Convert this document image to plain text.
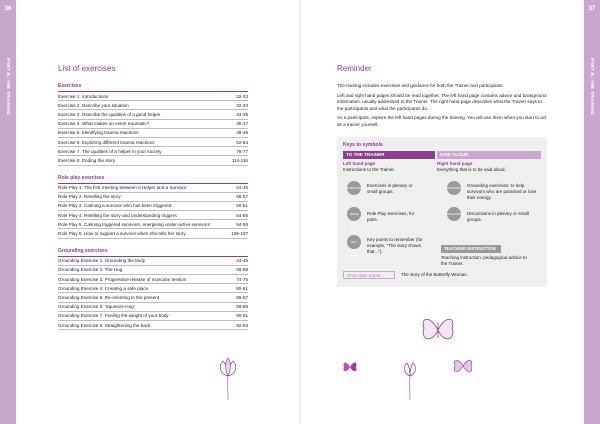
36
PART B: THE TRAINING
37
PART B: THE TRAINING
List of exercises
Exercises
Exercise 1. Introductions	32-33
Exercise 2. Describe your situation	32-33
Exercise 3. Describe the qualities of a good helper	34-35
Exercise 4. What makes an event traumatic?	36-37
Exercise 5. Identifying trauma reactions	48-49
Exercise 6. Exploring different trauma reactions	52-53
Exercise 7. The qualities of a helper in your society	76-77
Exercise 8. Ending the story	114-115
Role play exercises
Role Play 1. The first meeting between a Helper and a Survivor	34-35
Role Play 2. Retelling the story	56-57
Role Play 3. Calming a survivor who has been triggered	50-51
Role Play 4. Retelling the story and understanding triggers	54-55
Role Play 5. Calming triggered survivors, energising under-active survivors	94-95
Role Play 6. How to support a survivor when she tells her story	106-107
Grounding exercises
Grounding Exercise 1. Grounding the body	44-45
Grounding Exercise 2. The Hug	58-59
Grounding Exercise 3. Progressive release of muscular tension	74-75
Grounding Exercise 4. Creating a safe place	80-81
Grounding Exercise 5. Re-orienting to the present	86-87
Grounding Exercise 6. 'Squeeze-Hug'	88-89
Grounding Exercise 7. Feeling the weight of your body	90-91
Grounding Exercise 8. Straightening the back	92-93
Reminder
The training includes exercises and guidance for both the Trainer and participants.
Left and right hand pages should be read together. The left hand page contains advice and background information, usually addressed to the Trainer. The right hand page describes what the Trainer says to the participants and what the participants do.
As a participant, explore the left hand pages during the training. You will use them when you start to act as a trainer yourself.
Keys to symbols
TO THE TRAINER	SAID ALOUD
Left hand page
Instructions to the Trainer.
Right hand page
Everything that is to be said aloud.
EXERCISE Exercises in plenary or small groups.
GROUNDING Grounding exercises: to help survivors who are panicked or lose their energy.
ROLE PLAY
Role Play exercises, for pairs.
DISCUSSION Discussions in plenary or small groups.
KEY POINT
Key points to remember (for example, "The story shows that...").
TEACHING INSTRUCTION
Teaching instruction: pedagogical advice to the Trainer.
Once upon a time...	The story of the Butterfly Woman.
